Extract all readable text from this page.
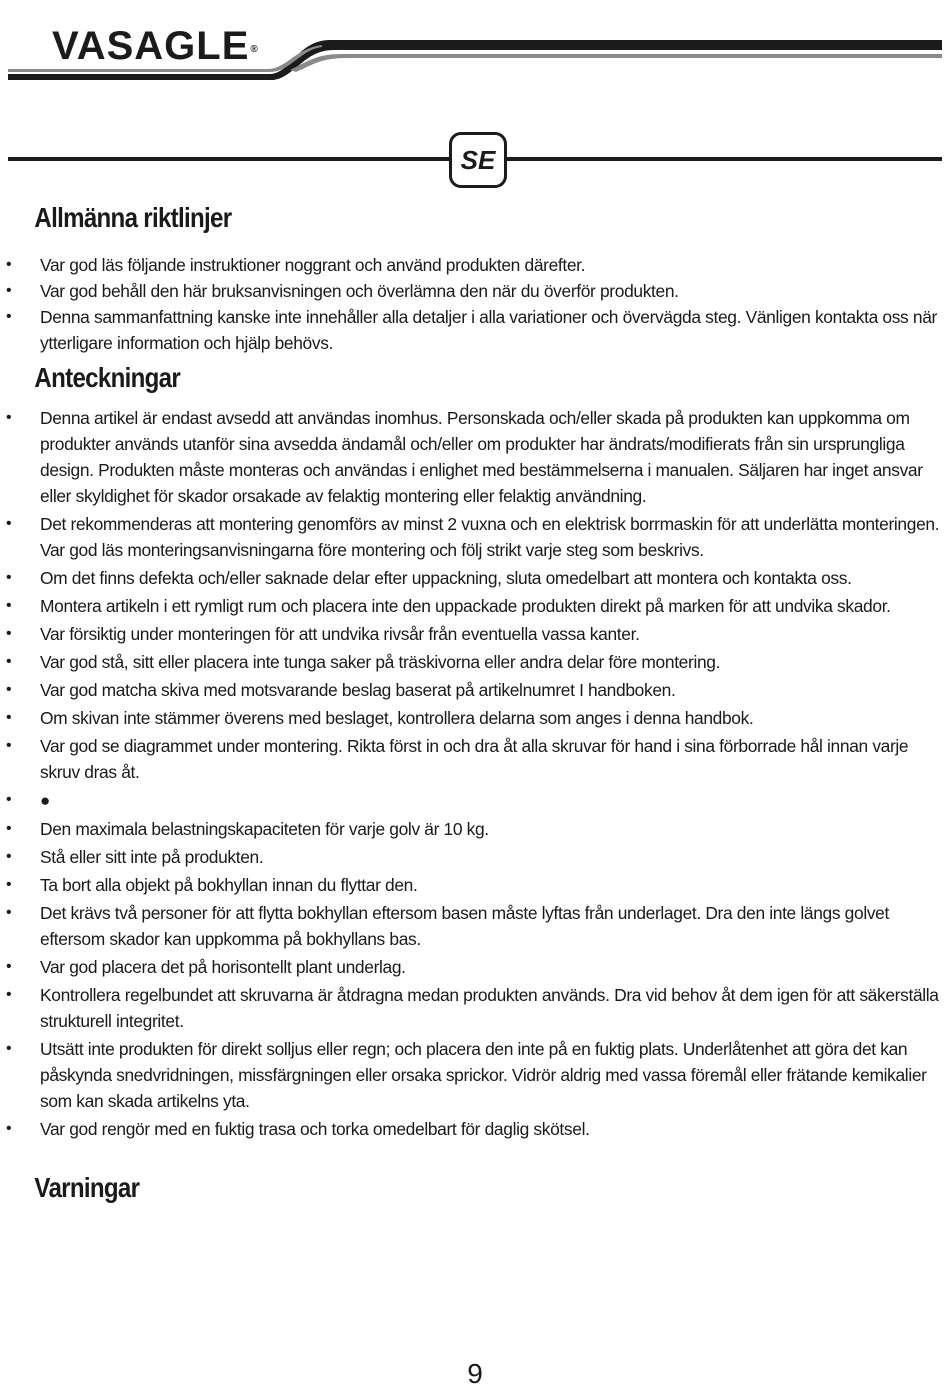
VASAGLE®
SE
Allmänna riktlinjer
• Var god läs följande instruktioner noggrant och använd produkten därefter.
• Var god behåll den här bruksanvisningen och överlämna den när du överför produkten.
• Denna sammanfattning kanske inte innehåller alla detaljer i alla variationer och övervägda steg. Vänligen kontakta oss när ytterligare information och hjälp behövs.
Anteckningar
• Denna artikel är endast avsedd att användas inomhus. Personskada och/eller skada på produkten kan uppkomma om produkter används utanför sina avsedda ändamål och/eller om produkter har ändrats/modifierats från sin ursprungliga design. Produkten måste monteras och användas i enlighet med bestämmelserna i manualen. Säljaren har inget ansvar eller skyldighet för skador orsakade av felaktig montering eller felaktig användning.
• Det rekommenderas att montering genomförs av minst 2 vuxna och en elektrisk borrmaskin för att underlätta monteringen. Var god läs monteringsanvisningarna före montering och följ strikt varje steg som beskrivs.
• Om det finns defekta och/eller saknade delar efter uppackning, sluta omedelbart att montera och kontakta oss.
• Montera artikeln i ett rymligt rum och placera inte den uppackade produkten direkt på marken för att undvika skador.
• Var försiktig under monteringen för att undvika rivsår från eventuella vassa kanter.
• Var god stå, sitt eller placera inte tunga saker på träskivorna eller andra delar före montering.
• Var god matcha skiva med motsvarande beslag baserat på artikelnumret I handboken.
• Om skivan inte stämmer överens med beslaget, kontrollera delarna som anges i denna handbok.
• Var god se diagrammet under montering. Rikta först in och dra åt alla skruvar för hand i sina förborrade hål innan varje skruv dras åt.
• ●
• Den maximala belastningskapaciteten för varje golv är 10 kg.
• Stå eller sitt inte på produkten.
• Ta bort alla objekt på bokhyllan innan du flyttar den.
• Det krävs två personer för att flytta bokhyllan eftersom basen måste lyftas från underlaget. Dra den inte längs golvet eftersom skador kan uppkomma på bokhyllans bas.
• Var god placera det på horisontellt plant underlag.
• Kontrollera regelbundet att skruvarna är åtdragna medan produkten används. Dra vid behov åt dem igen för att säkerställa strukturell integritet.
• Utsätt inte produkten för direkt solljus eller regn; och placera den inte på en fuktig plats. Underlåtenhet att göra det kan påskynda snedvridningen, missfärgningen eller orsaka sprickor. Vidrör aldrig med vassa föremål eller frätande kemikalier som kan skada artikelns yta.
• Var god rengör med en fuktig trasa och torka omedelbart för daglig skötsel.
Varningar
9
